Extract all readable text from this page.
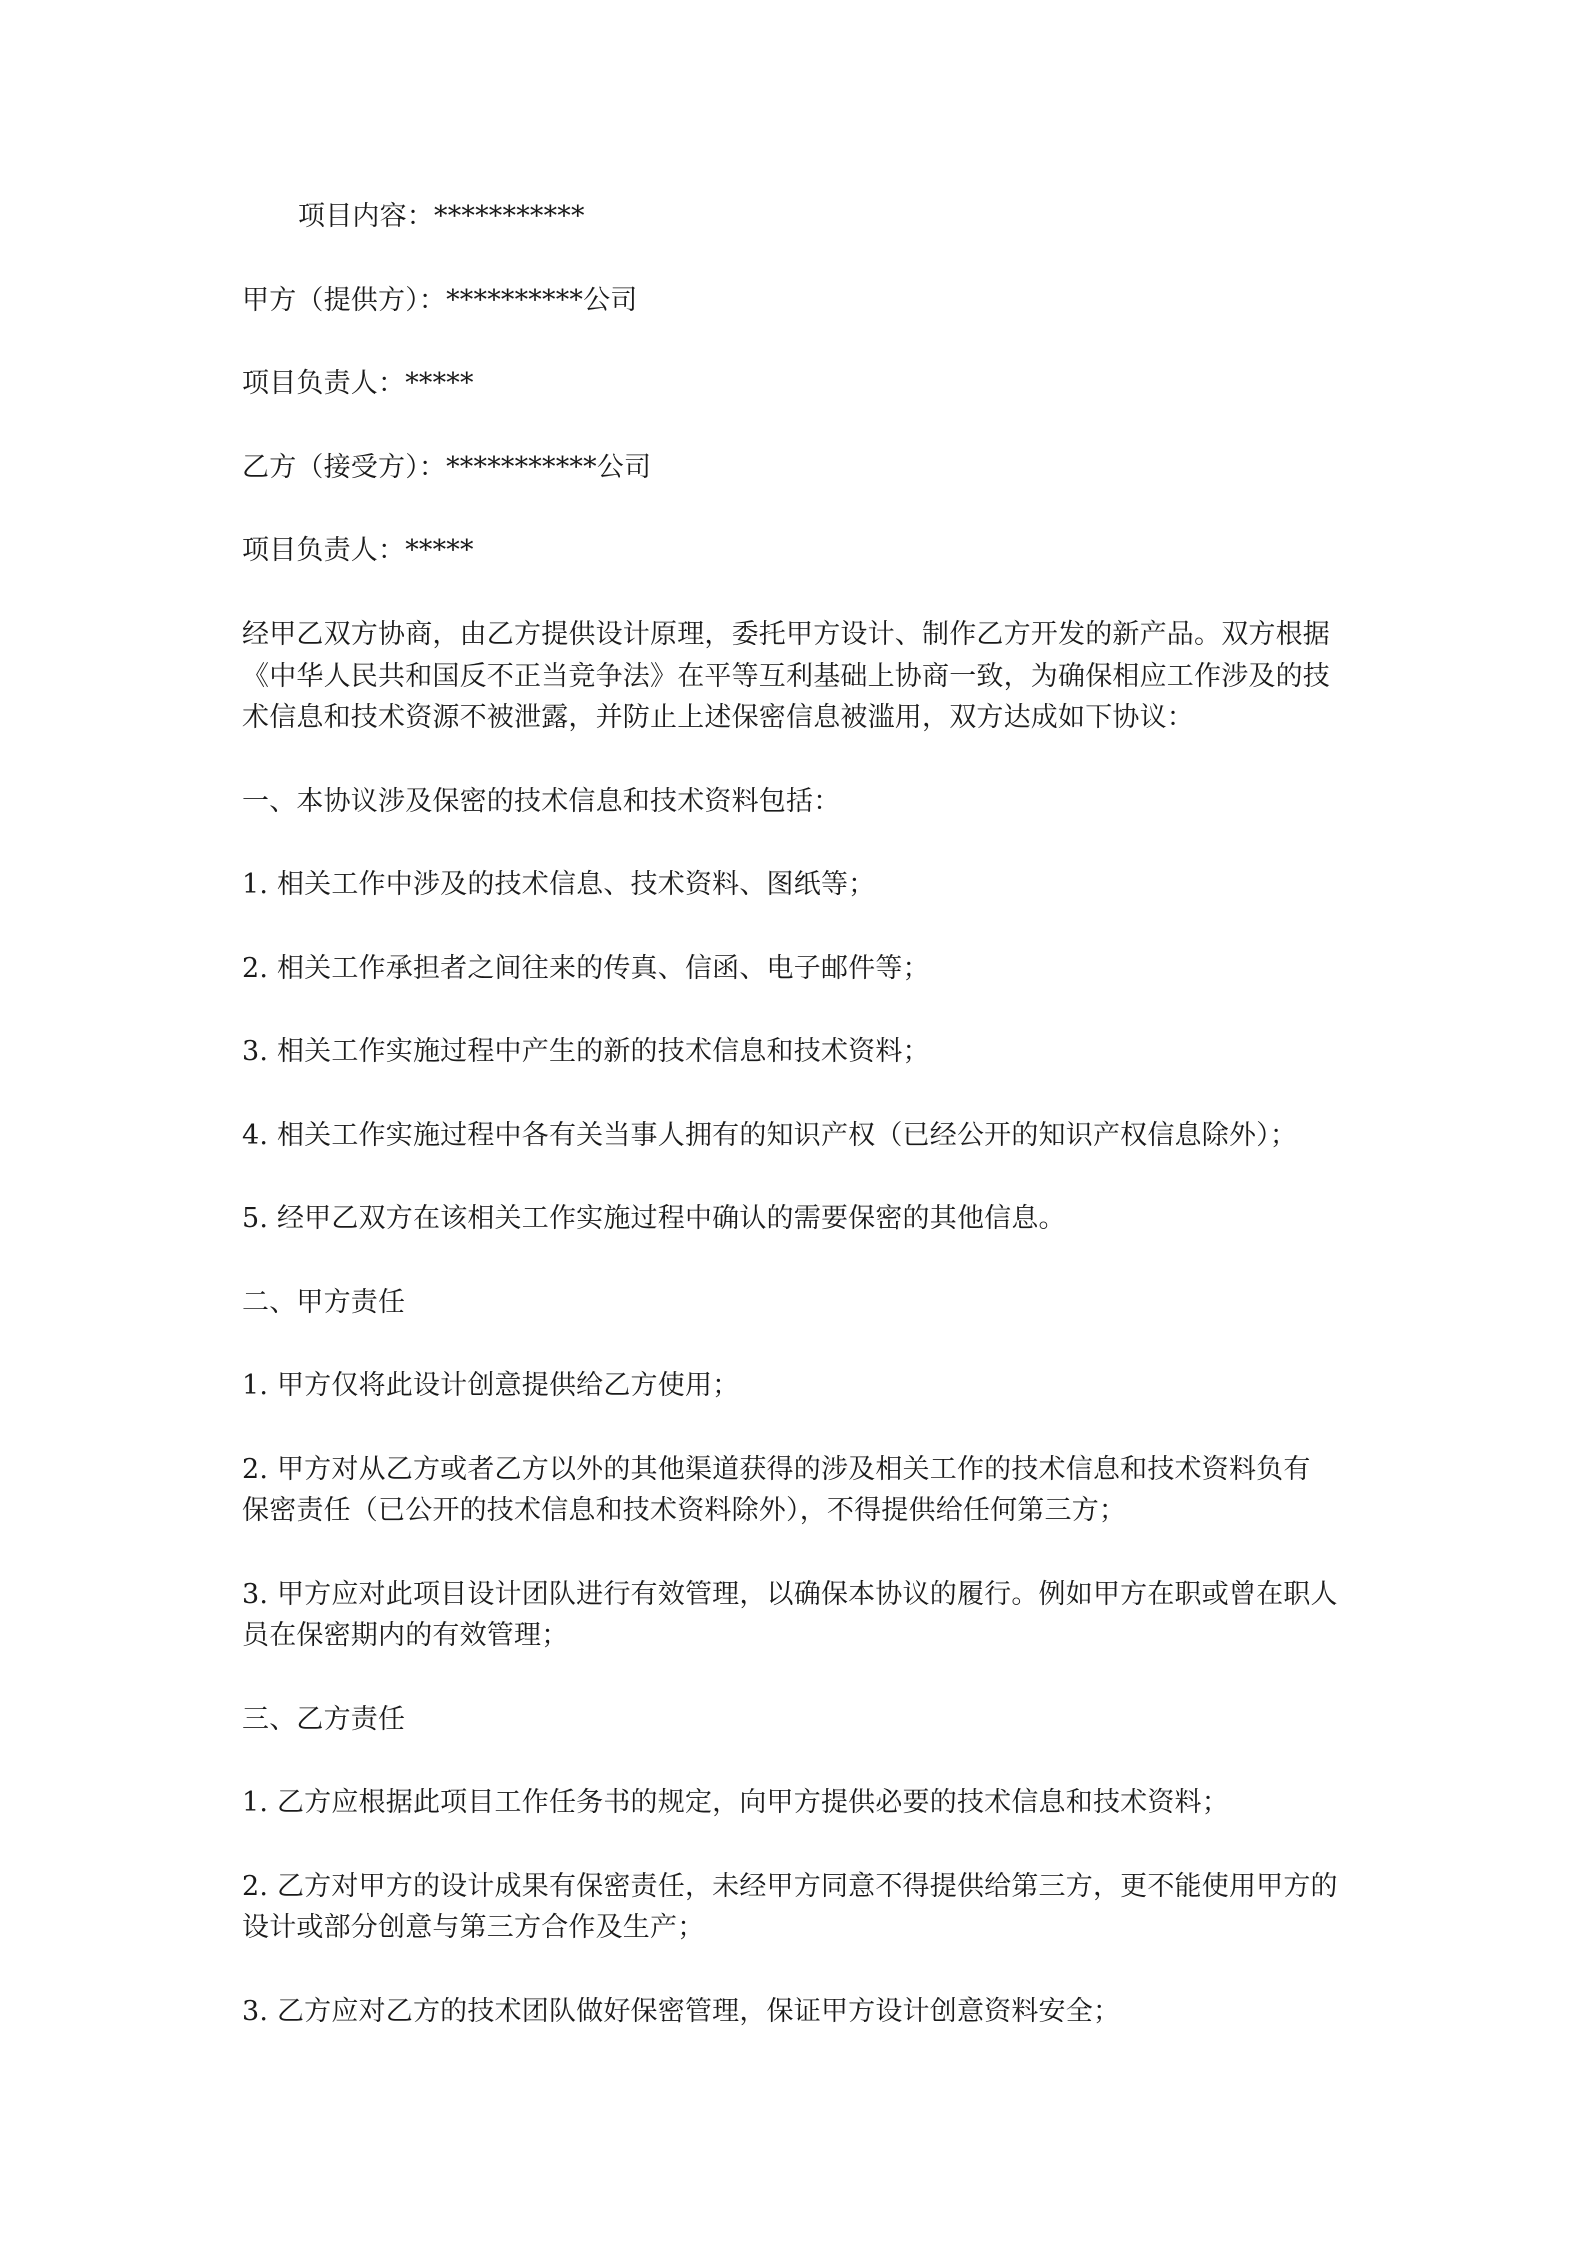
项目内容：***********
甲方（提供方）：**********公司
项目负责人：*****
乙方（接受方）：***********公司
项目负责人：*****
经甲乙双方协商，由乙方提供设计原理，委托甲方设计、制作乙方开发的新产品。双方根据
《中华人民共和国反不正当竞争法》在平等互利基础上协商一致，为确保相应工作涉及的技
术信息和技术资源不被泄露，并防止上述保密信息被滥用，双方达成如下协议：
一、本协议涉及保密的技术信息和技术资料包括：
1. 相关工作中涉及的技术信息、技术资料、图纸等；
2. 相关工作承担者之间往来的传真、信函、电子邮件等；
3. 相关工作实施过程中产生的新的技术信息和技术资料；
4. 相关工作实施过程中各有关当事人拥有的知识产权（已经公开的知识产权信息除外）；
5. 经甲乙双方在该相关工作实施过程中确认的需要保密的其他信息。
二、甲方责任
1. 甲方仅将此设计创意提供给乙方使用；
2. 甲方对从乙方或者乙方以外的其他渠道获得的涉及相关工作的技术信息和技术资料负有
保密责任（已公开的技术信息和技术资料除外），不得提供给任何第三方；
3. 甲方应对此项目设计团队进行有效管理，以确保本协议的履行。例如甲方在职或曾在职人
员在保密期内的有效管理；
三、乙方责任
1. 乙方应根据此项目工作任务书的规定，向甲方提供必要的技术信息和技术资料；
2. 乙方对甲方的设计成果有保密责任，未经甲方同意不得提供给第三方，更不能使用甲方的
设计或部分创意与第三方合作及生产；
3. 乙方应对乙方的技术团队做好保密管理，保证甲方设计创意资料安全；
